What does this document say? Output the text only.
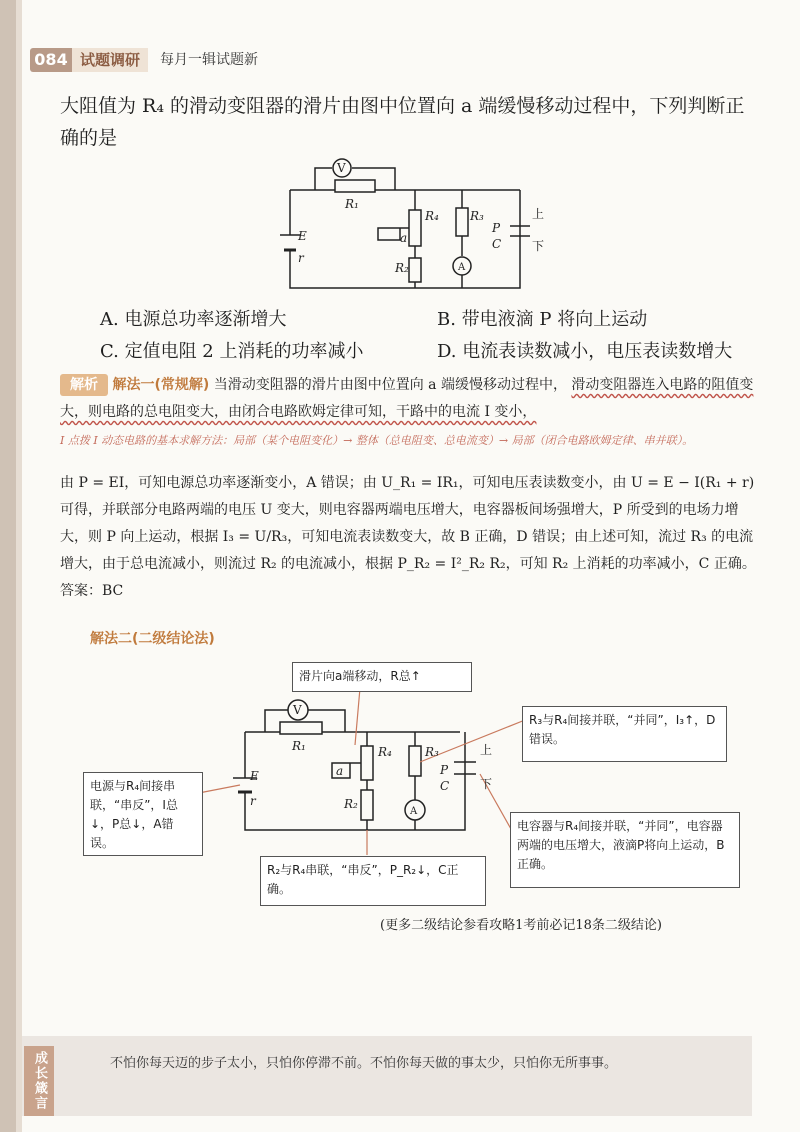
084 试题调研	每月一辑试题新
大阻值为 R₄ 的滑动变阻器的滑片由图中位置向 a 端缓慢移动过程中，下列判断正确的是
V
A
R₁
R₄
R₂
R₃
E
r
a
P
C
上
下
A. 电源总功率逐渐增大	B. 带电液滴 P 将向上运动
C. 定值电阻 2 上消耗的功率减小	D. 电流表读数减小，电压表读数增大
解析 解法一(常规解) 当滑动变阻器的滑片由图中位置向 a 端缓慢移动过程中， 滑动变阻器连入电路的阻值变大，则电路的总电阻变大，由闭合电路欧姆定律可知，干路中的电流 I 变小，
I 点拨 I 动态电路的基本求解方法：局部（某个电阻变化）→ 整体（总电阻变、总电流变）→ 局部（闭合电路欧姆定律、串并联）。
由 P = EI，可知电源总功率逐渐变小，A 错误；由 U_R₁ = IR₁，可知电压表读数变小，由 U = E − I(R₁ + r) 可得，并联部分电路两端的电压 U 变大，则电容器两端电压增大，电容器板间场强增大，P 所受到的电场力增大，则 P 向上运动，根据 I₃ = U/R₃，可知电流表读数变大，故 B 正确，D 错误；由上述可知，流过 R₃ 的电流增大，由于总电流减小，则流过 R₂ 的电流减小，根据 P_R₂ = I²_R₂ R₂，可知 R₂ 上消耗的功率减小，C 正确。答案：BC
解法二(二级结论法)
V
A
R₁	R₄
R₂
R₃
E
r
a	P
C
上
下
滑片向a端移动，R总↑
R₃与R₄间接并联，“并同”，I₃↑，D错误。
电源与R₄间接串联，“串反”，I总↓，P总↓，A错误。
电容器与R₄间接并联，“并同”，电容器两端的电压增大，液滴P将向上运动，B正确。
R₂与R₄串联，“串反”，P_R₂↓，C正确。
(更多二级结论参看攻略1考前必记18条二级结论)
成长箴言	不怕你每天迈的步子太小，只怕你停滞不前。不怕你每天做的事太少，只怕你无所事事。
